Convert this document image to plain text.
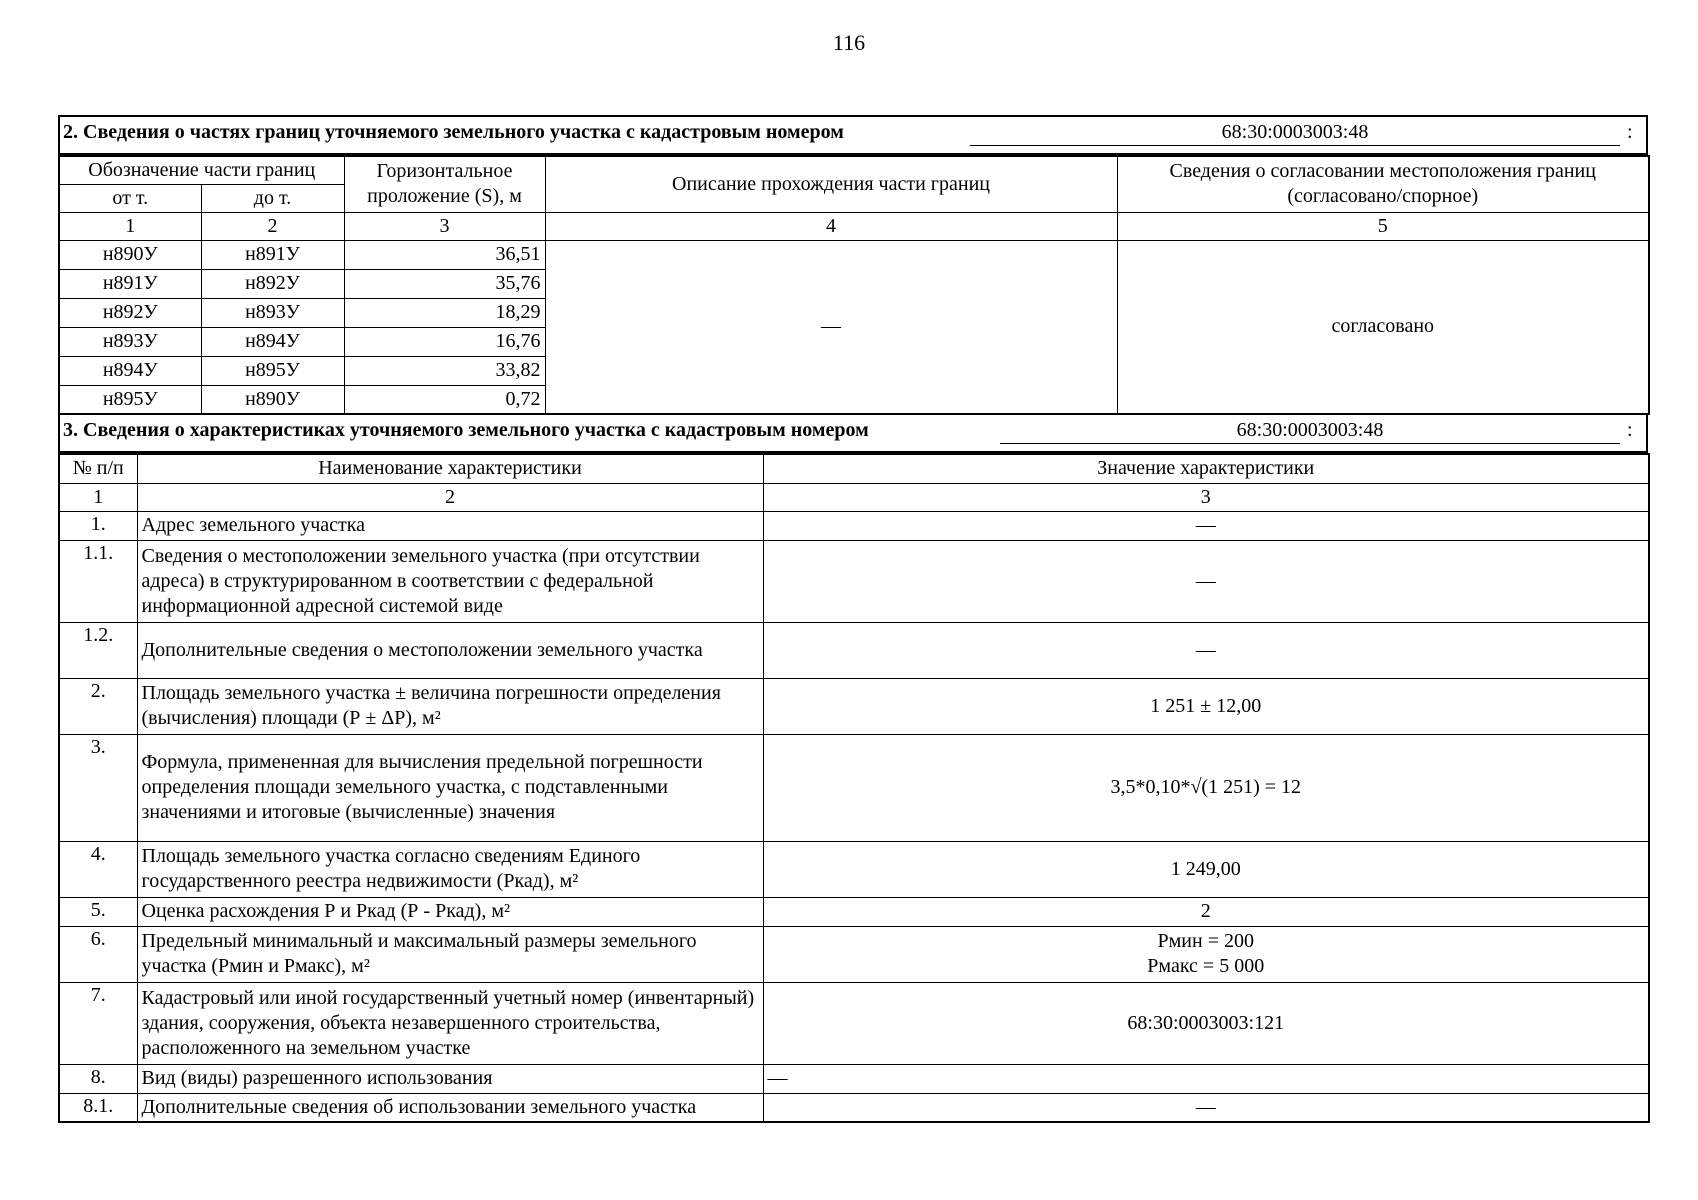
116
2. Сведения о частях границ уточняемого земельного участка с кадастровым номером	68:30:0003003:48	:
Обозначение части границ		Горизонтальное проложение (S), м	Описание прохождения части границ	Сведения о согласовании местоположения границ (согласовано/спорное)
от т.	до т.			
1	2	3	4	5
н890У	н891У	36,51	—	согласовано
н891У	н892У	35,76		
н892У	н893У	18,29		
н893У	н894У	16,76		
н894У	н895У	33,82		
н895У	н890У	0,72		
3. Сведения о характеристиках уточняемого земельного участка с кадастровым номером	68:30:0003003:48	:
№ п/п	Наименование характеристики	Значение характеристики
1	2	3
1.	Адрес земельного участка	—
1.1.	Сведения о местоположении земельного участка (при отсутствии адреса) в структурированном в соответствии с федеральной информационной адресной системой виде	—
1.2.	Дополнительные сведения о местоположении земельного участка	—
2.	Площадь земельного участка ± величина погрешности определения (вычисления) площади (Р ± ΔР), м²	1 251 ± 12,00
3.	Формула, примененная для вычисления предельной погрешности определения площади земельного участка, с подставленными значениями и итоговые (вычисленные) значения	3,5*0,10*√(1 251) = 12
4.	Площадь земельного участка согласно сведениям Единого государственного реестра недвижимости (Ркад), м²	1 249,00
5.	Оценка расхождения Р и Ркад (Р - Ркад), м²	2
6.	Предельный минимальный и максимальный размеры земельного участка (Рмин и Рмакс), м²	Рмин = 200
Рмакс = 5 000

7.	Кадастровый или иной государственный учетный номер (инвентарный) здания, сооружения, объекта незавершенного строительства, расположенного на земельном участке	68:30:0003003:121
8.	Вид (виды) разрешенного использования	—
8.1.	Дополнительные сведения об использовании земельного участка	—
